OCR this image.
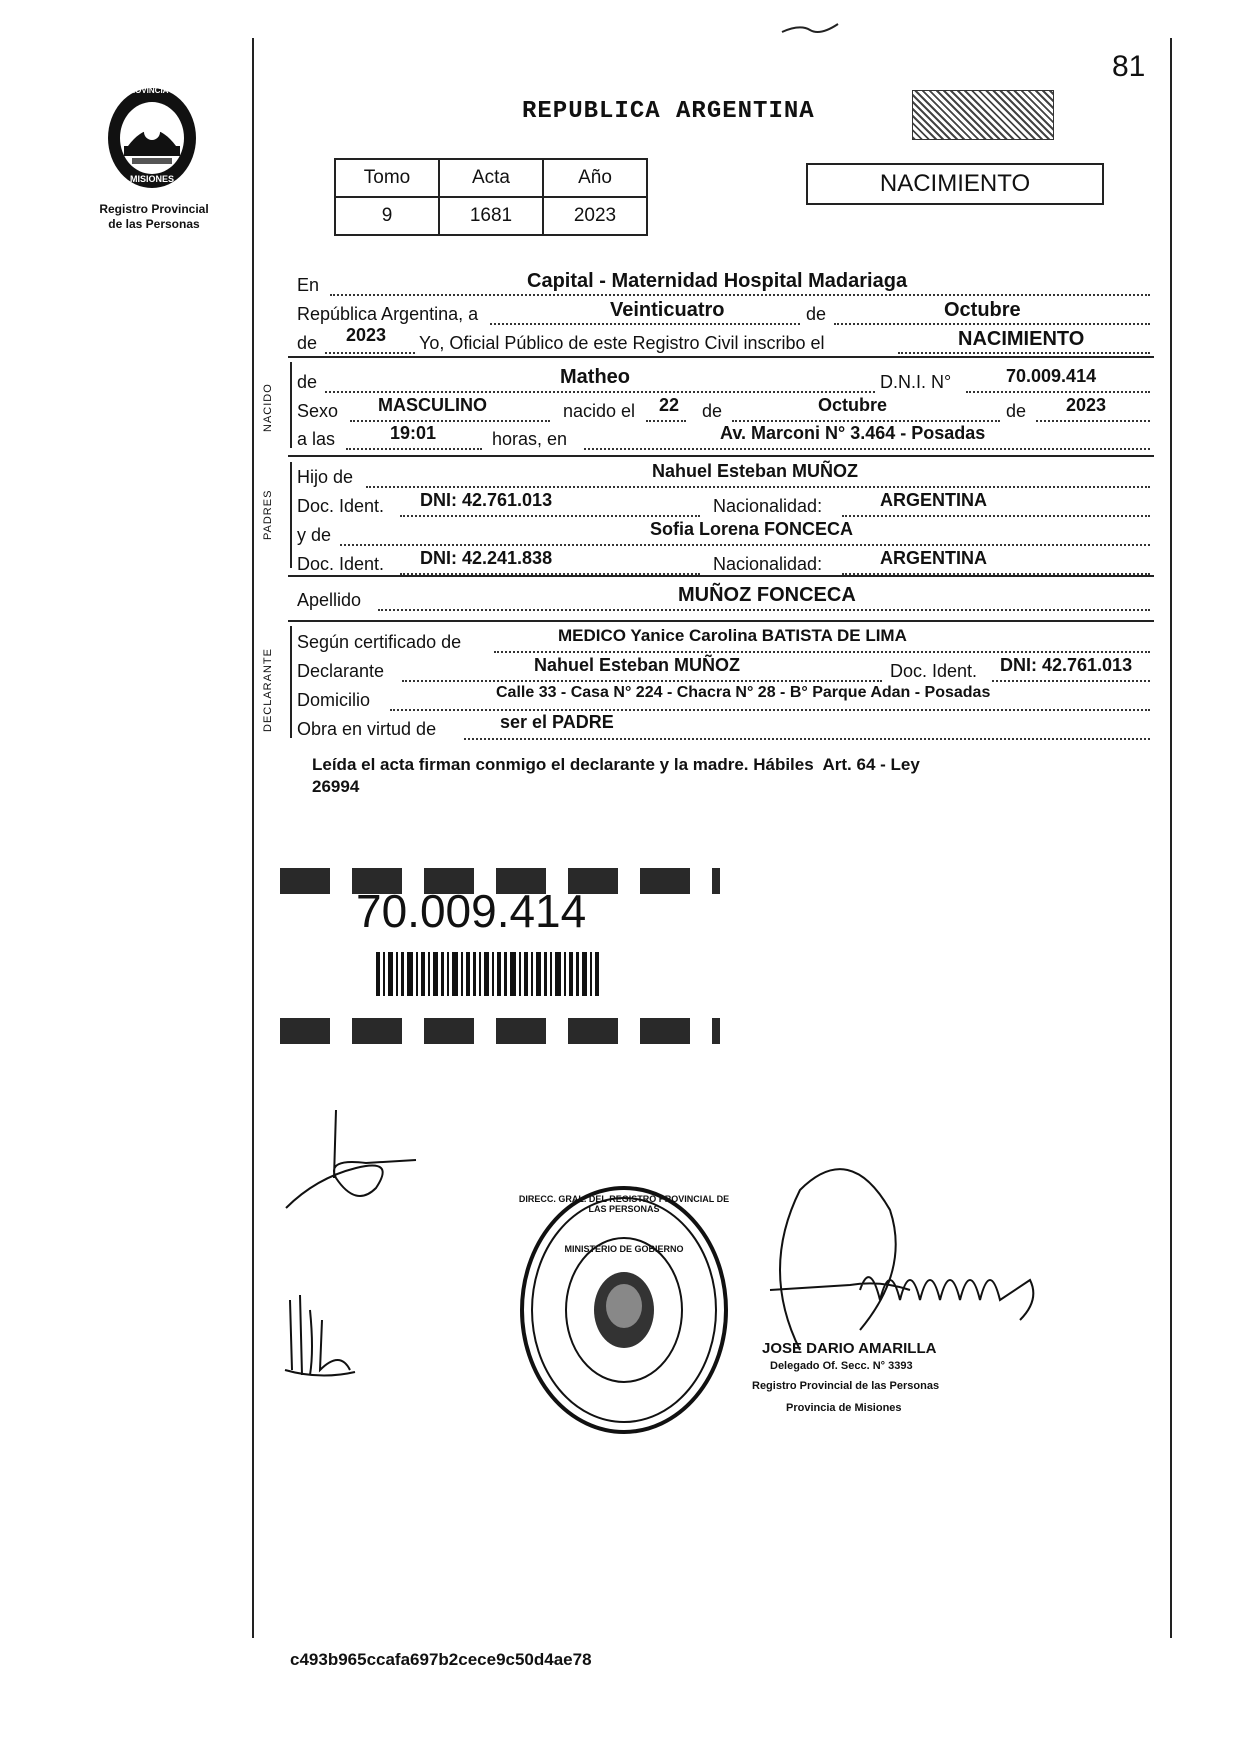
81
PROVINCIA DE
MISIONES
Registro Provincial
de las Personas
REPUBLICA ARGENTINA
Tomo	Acta	Año
9	1681	2023
NACIMIENTO
En	Capital - Maternidad Hospital Madariaga
República Argentina, a	Veinticuatro	de	Octubre
de 2023 Yo, Oficial Público de este Registro Civil inscribo el	NACIMIENTO
NACIDO
de	Matheo	D.N.I. N°	70.009.414
Sexo MASCULINO	nacido el 22 de	Octubre	de 2023
a las	19:01	horas, en	Av. Marconi N° 3.464 - Posadas
PADRES
Hijo de	Nahuel Esteban MUÑOZ
Doc. Ident. DNI: 42.761.013	Nacionalidad:	ARGENTINA
y de	Sofia Lorena FONCECA
Doc. Ident. DNI: 42.241.838	Nacionalidad:	ARGENTINA
Apellido	MUÑOZ FONCECA
DECLARANTE
Según certificado de	MEDICO Yanice Carolina BATISTA DE LIMA
Declarante	Nahuel Esteban MUÑOZ	Doc. Ident. DNI: 42.761.013
Domicilio	Calle 33 - Casa N° 224 - Chacra N° 28 - B° Parque Adan - Posadas
Obra en virtud de	ser el PADRE
Leída el acta firman conmigo el declarante y la madre. Hábiles  Art. 64 - Ley
26994
70.009.414
DIRECC. GRAL. DEL REGISTRO PROVINCIAL DE LAS PERSONAS
MINISTERIO DE GOBIERNO
JOSE DARIO AMARILLA
Delegado Of. Secc. N° 3393
Registro Provincial de las Personas
Provincia de Misiones
c493b965ccafa697b2cece9c50d4ae78
